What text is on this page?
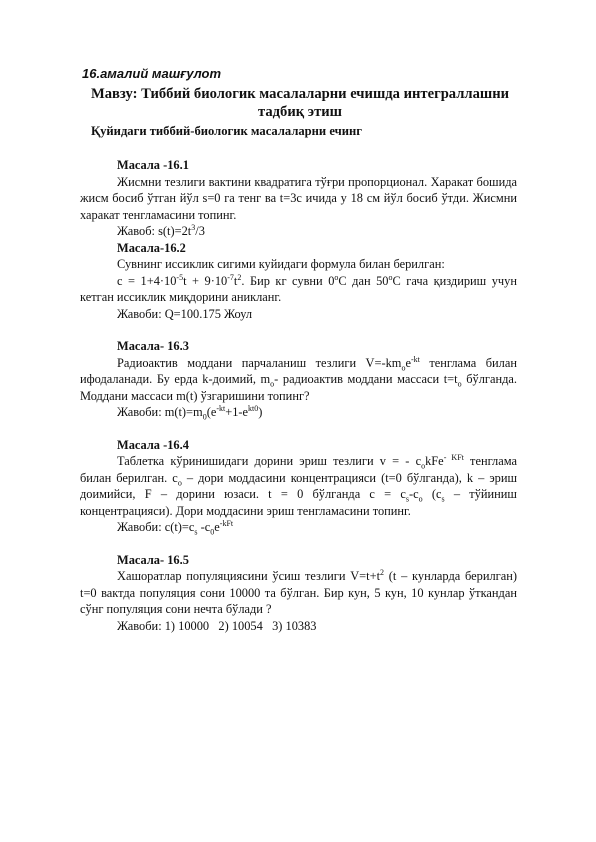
16.амалий машғулот
Мавзу: Тиббий биологик масалаларни ечишда интеграллашни тадбиқ этиш
Қуйидаги тиббий-биологик масалаларни ечинг

Масала -16.1

Жисмни тезлиги вактини квадратига тўғри пропорционал. Харакат бошида жисм босиб ўтган йўл s=0 га тенг ва t=3c ичида у 18 см йўл босиб ўтди. Жисмни харакат тенгламасини топинг.

Жавоб: $s(t)=2t^3/3$

Масала-16.2

Сувнинг иссиклик сигими куйидаги формула билан берилган:

$c = 1+4\cdot 10^{-5}t + 9\cdot 10^{-7}t^2$. Бир кг сувни 0$^o$С дан 50$^o$С гача қиздириш учун кетган иссиклик миқдорини аникланг.

Жавоби: Q=100.175 Жоул

Масала- 16.3

Радиоактив моддани парчаланиш тезлиги $V=-km_оe^{-kt}$ тенглама билан ифодаланади. Бу ерда k-доимий, $m_о-$ радиоактив моддани массаси $t=t_о$ бўлганда. Моддани массаси m(t) ўзгаришини топинг?

Жавоби: $m(t)=m_0(e^{-kt}+1-e^{kt0})$

Масала -16.4

Таблетка кўринишидаги дорини эриш тезлиги v = - $c_оkFe^{- KFt}$ тенглама билан берилган. $c_о$ – дори моддасини концентрацияси (t=0 бўлганда), k – эриш доимийси, F – дорини юзаси. t = 0 бўлганда $c = c_s-c_о$ ($c_s$ – тўйиниш концентрацияси). Дори моддасини эриш тенгламасини топинг.

Жавоби: $c(t)=c_s$ $-c_0e^{-kFt}$

Масала- 16.5

Хашоратлар популяциясини ўсиш тезлиги $V=t+t^2$ (t – кунларда берилган) t=0 вактда популяция сони 10000 та бўлган. Бир кун, 5 кун, 10 кунлар ўткандан сўнг популяция сони нечта бўлади ?

Жавоби: 1) 10000   2) 10054   3) 10383
